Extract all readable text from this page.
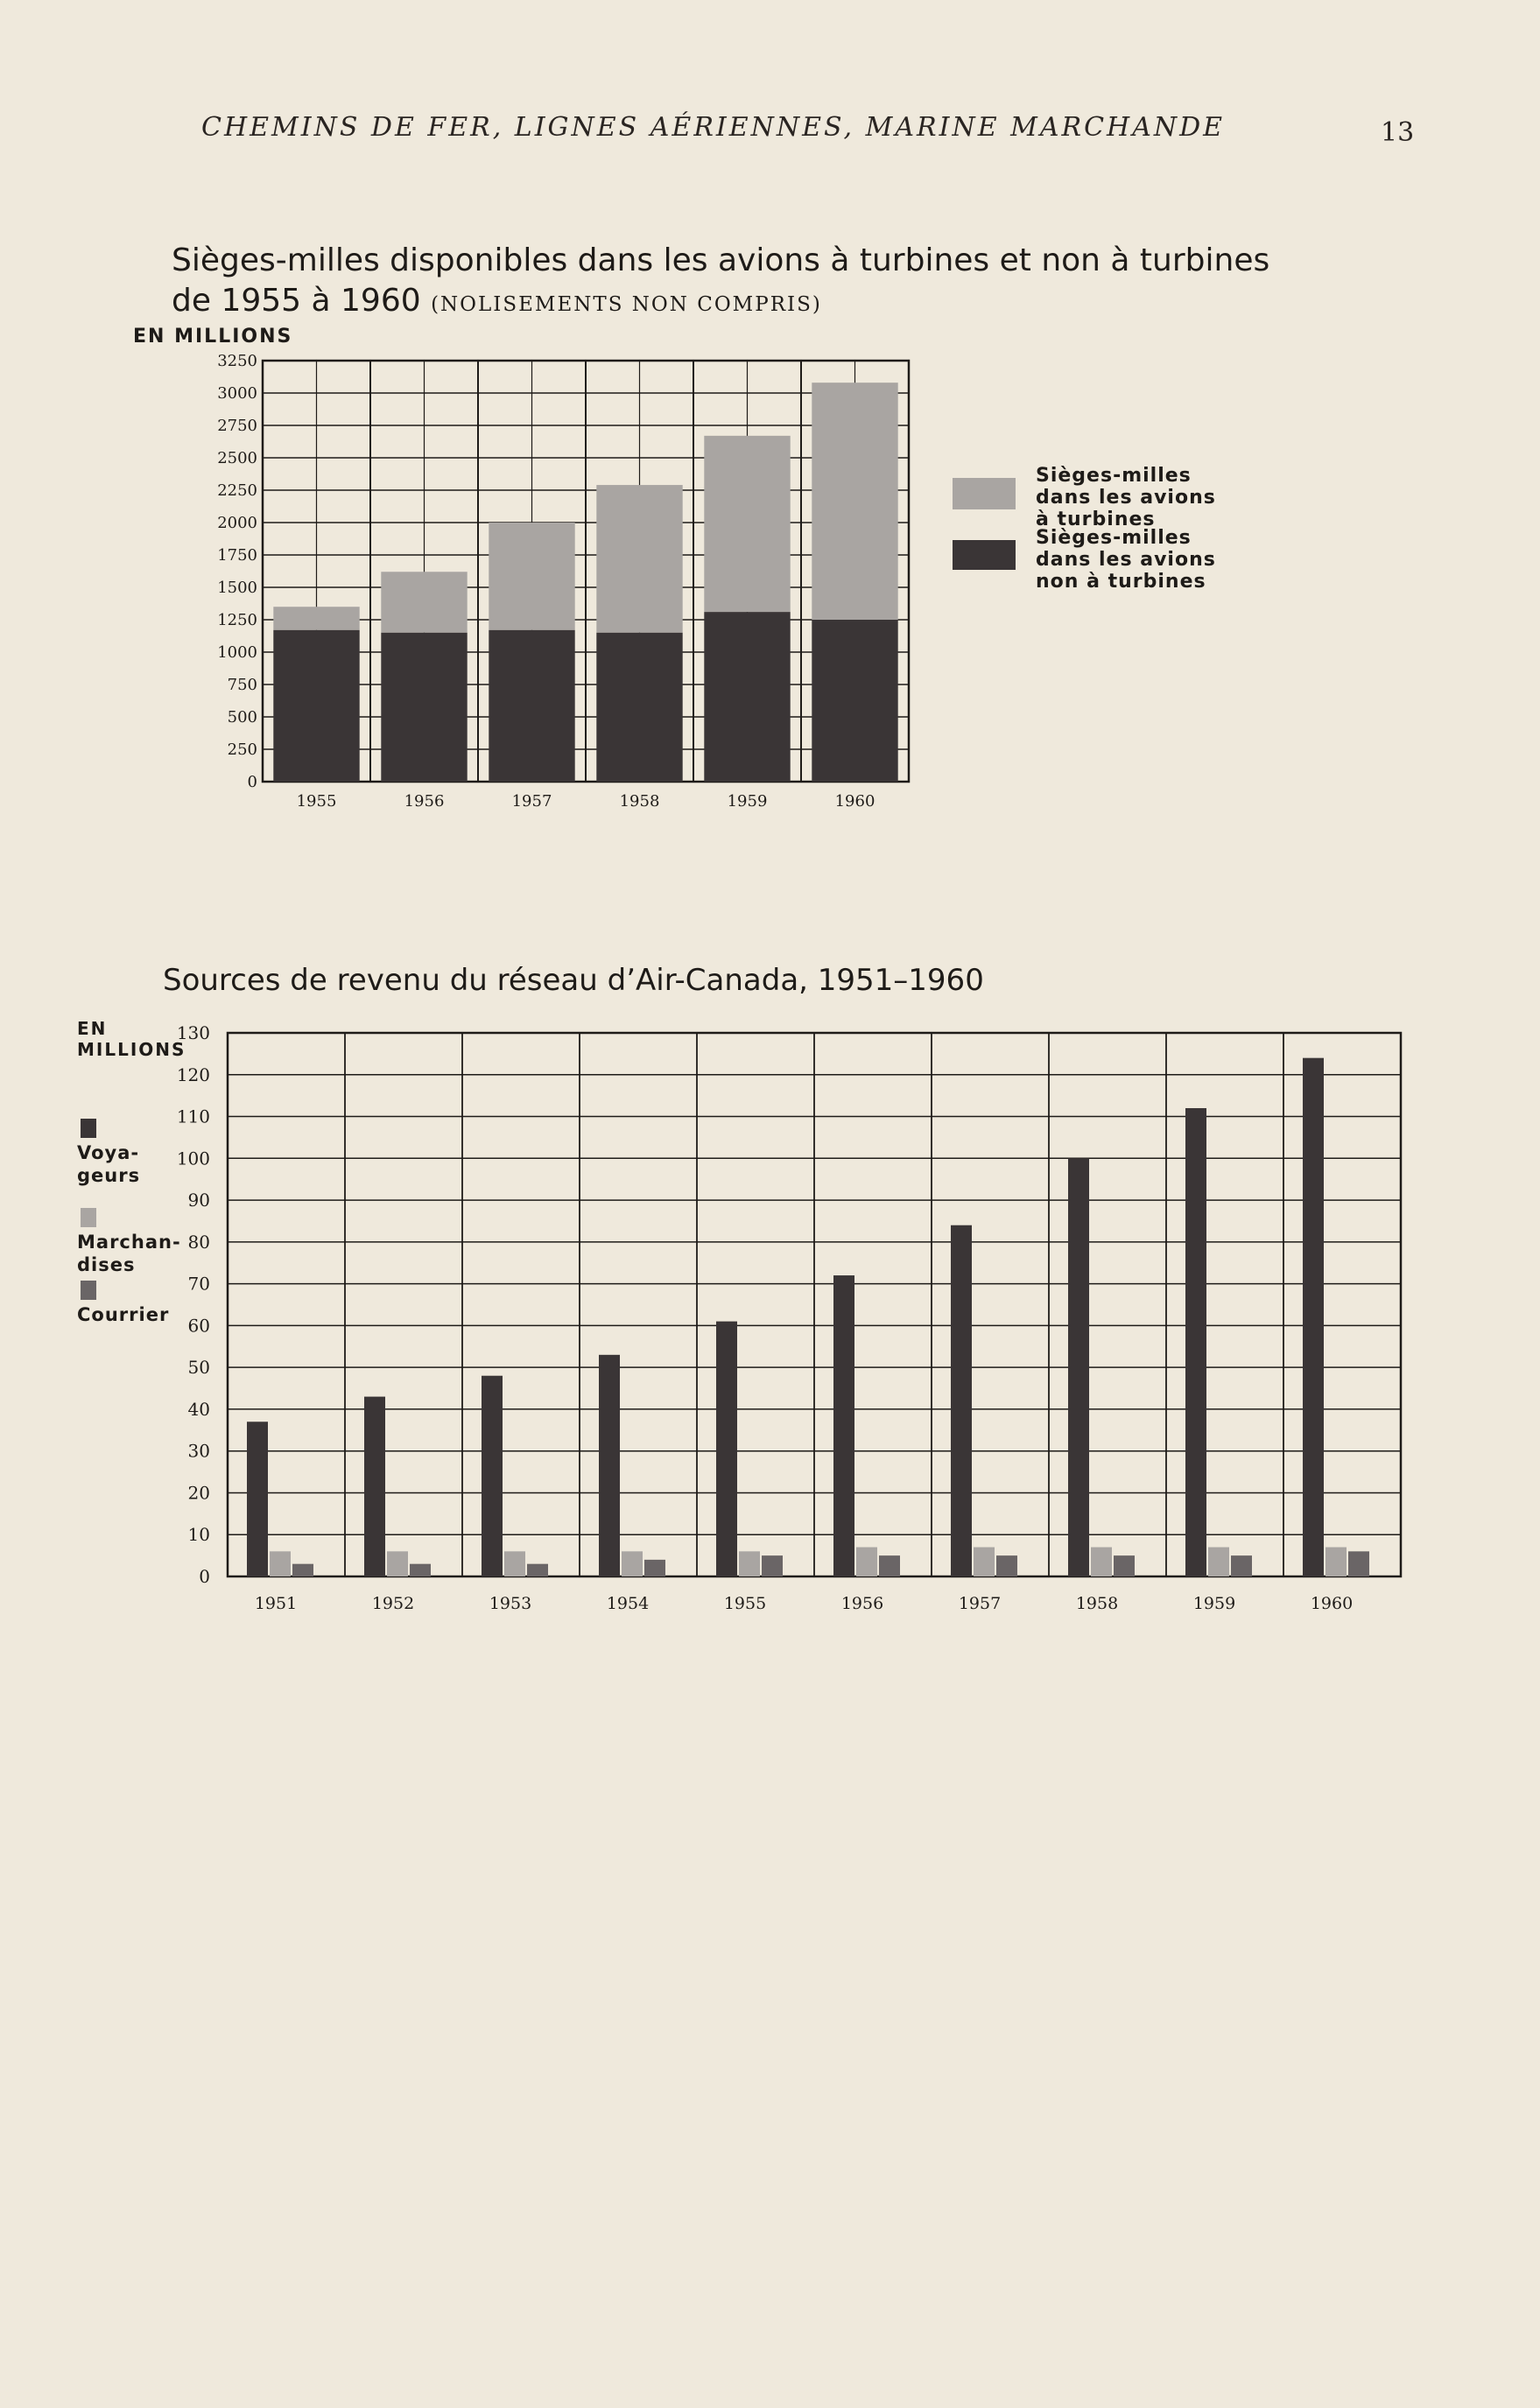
CHEMINS DE FER, LIGNES AÉRIENNES, MARINE MARCHANDE	13
Sièges-milles disponibles dans les avions à turbines et non à turbines
de 1955 à 1960 (NOLISEMENTS NON COMPRIS)
EN MILLIONS
0
250
500
750
1000
1250
1500
1750
2000
2250
2500
2750
3000
3250
1955	1956	1957	1958	1959	1960
Sièges-milles
dans les avions
à turbines
Sièges-milles
dans les avions
non à turbines
Sources de revenu du réseau d’Air-Canada, 1951–1960
EN MILLIONS
0
10
20
30
40
50
60
70
80
90
100
110
120
130
1951	1952	1953	1954	1955	1956	1957	1958	1959	1960
Voya-
geurs
Marchan-
dises
Courrier
